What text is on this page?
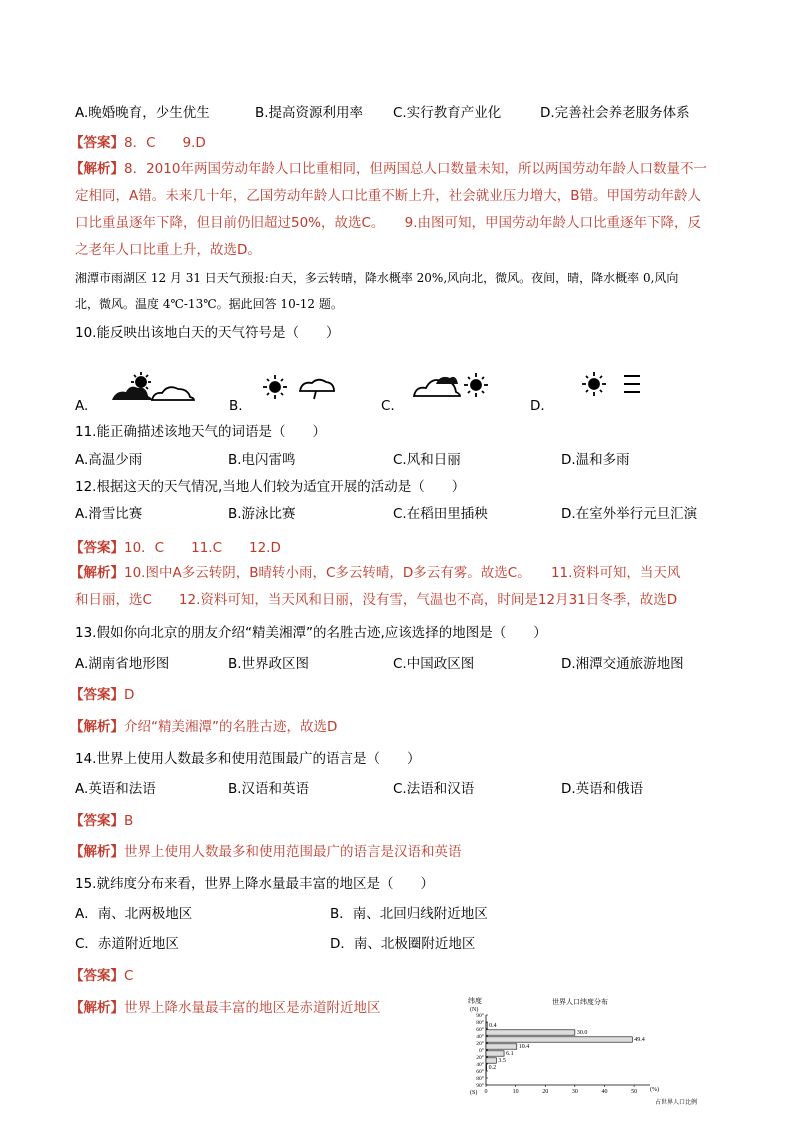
A.晚婚晚育，少生优生	B.提高资源利用率 C.实行教育产业化	D.完善社会养老服务体系
【答案】8．C　　9.D
【解析】8．2010年两国劳动年龄人口比重相同，但两国总人口数量未知，所以两国劳动年龄人口数量不一
定相同，A错。未来几十年，乙国劳动年龄人口比重不断上升，社会就业压力增大，B错。甲国劳动年龄人
口比重虽逐年下降，但目前仍旧超过50%，故选C。　　9.由图可知，甲国劳动年龄人口比重逐年下降，反
之老年人口比重上升，故选D。
湘潭市雨湖区 12 月 31 日天气预报:白天，多云转晴，降水概率 20%,风向北，微风。夜间，晴，降水概率 0,风向
北，微风。温度 4℃-13℃。据此回答 10-12 题。
10.能反映出该地白天的天气符号是（　　）
A.	B.	C.	D.
11.能正确描述该地天气的词语是（　　）
A.高温少雨	B.电闪雷鸣	C.风和日丽	D.温和多雨
12.根据这天的天气情况,当地人们较为适宜开展的活动是（　　）
A.滑雪比赛	B.游泳比赛	C.在稻田里插秧	D.在室外举行元旦汇演
【答案】10．C　　11.C　　12.D
【解析】10.图中A多云转阴，B晴转小雨，C多云转晴，D多云有雾。故选C。　　11.资料可知，当天风
和日丽，选C　　12.资料可知，当天风和日丽，没有雪，气温也不高，时间是12月31日冬季，故选D
13.假如你向北京的朋友介绍“精美湘潭”的名胜古迹,应该选择的地图是（　　）
A.湖南省地形图	B.世界政区图	C.中国政区图	D.湘潭交通旅游地图
【答案】D
【解析】介绍“精美湘潭”的名胜古迹，故选D
14.世界上使用人数最多和使用范围最广的语言是（　　）
A.英语和法语	B.汉语和英语	C.法语和汉语	D.英语和俄语
【答案】B
【解析】世界上使用人数最多和使用范围最广的语言是汉语和英语
15.就纬度分布来看，世界上降水量最丰富的地区是（　　）
A．南、北两极地区	B．南、北回归线附近地区
C．赤道附近地区	D．南、北极圈附近地区
【答案】C
【解析】世界上降水量最丰富的地区是赤道附近地区	世界人口纬度分布
纬度
(N)
(S)
占世界人口比例
(%)
90°
80°
60°
40°
20°
0°
20°
40°
60°
80°
90°
0.4
30.0
49.4
10.4
6.1
3.5
0.2
0	10	20	30	40	50
